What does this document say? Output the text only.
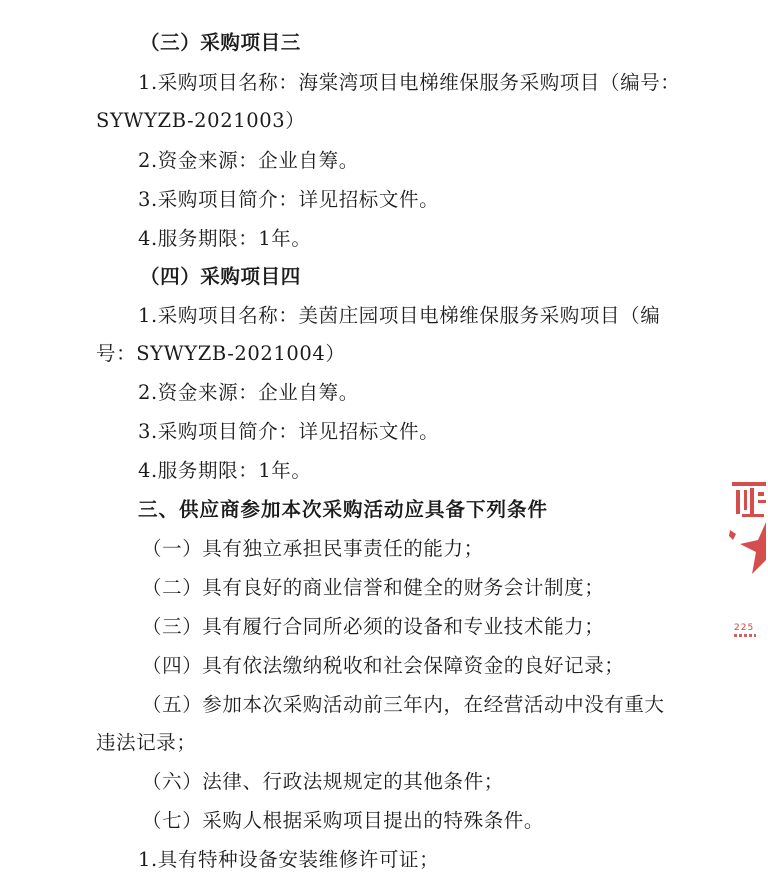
（三）采购项目三
1.采购项目名称：海棠湾项目电梯维保服务采购项目（编号：
SYWYZB-2021003）
2.资金来源：企业自筹。
3.采购项目简介：详见招标文件。
4.服务期限：1年。
（四）采购项目四
1.采购项目名称：美茵庄园项目电梯维保服务采购项目（编
号：SYWYZB-2021004）
2.资金来源：企业自筹。
3.采购项目简介：详见招标文件。
4.服务期限：1年。
三、供应商参加本次采购活动应具备下列条件
（一）具有独立承担民事责任的能力；
（二）具有良好的商业信誉和健全的财务会计制度；
（三）具有履行合同所必须的设备和专业技术能力；
（四）具有依法缴纳税收和社会保障资金的良好记录；
（五）参加本次采购活动前三年内，在经营活动中没有重大
违法记录；
（六）法律、行政法规规定的其他条件；
（七）采购人根据采购项目提出的特殊条件。
1.具有特种设备安装维修许可证；
225
